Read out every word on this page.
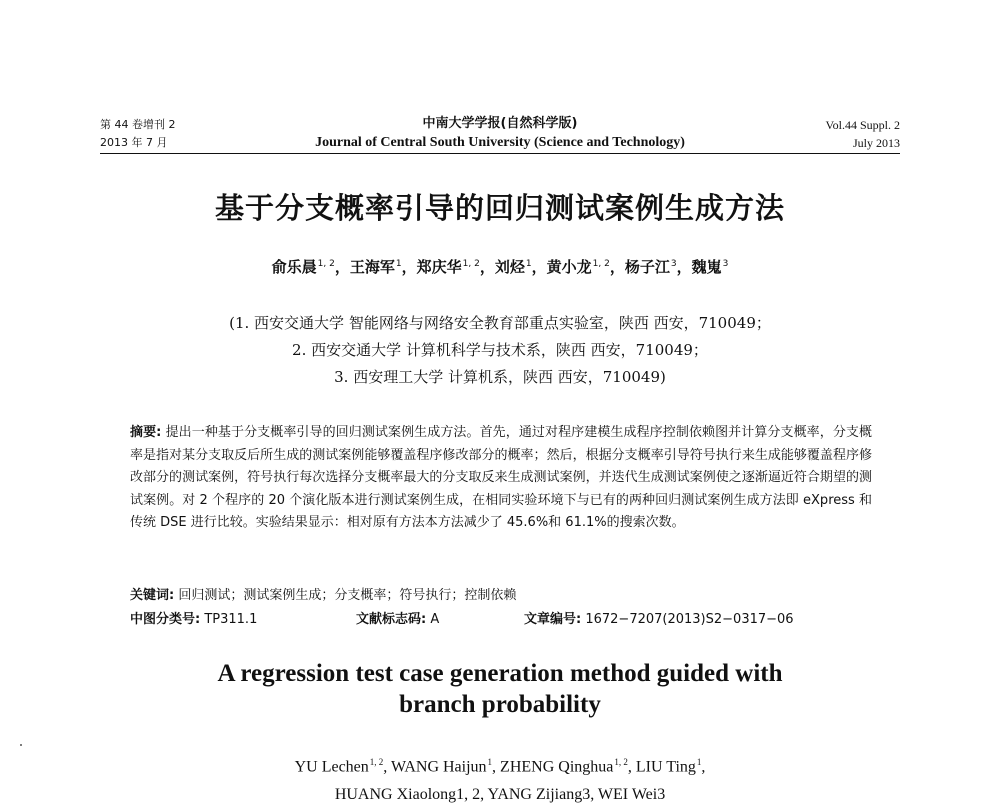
第 44 卷增刊 2
2013 年 7 月
中南大学学报(自然科学版)
Journal of Central South University (Science and Technology)
Vol.44 Suppl. 2
July 2013
基于分支概率引导的回归测试案例生成方法
俞乐晨$^{1, 2}$，王海军$^1$，郑庆华$^{1, 2}$，刘烃$^1$，黄小龙$^{1, 2}$，杨子江$^3$，魏嵬$^3$
(1. 西安交通大学 智能网络与网络安全教育部重点实验室，陕西 西安，710049；
2. 西安交通大学 计算机科学与技术系，陕西 西安，710049；
3. 西安理工大学 计算机系，陕西 西安，710049)
摘要: 提出一种基于分支概率引导的回归测试案例生成方法。首先，通过对程序建模生成程序控制依赖图并计算分支概率，分支概率是指对某分支取反后所生成的测试案例能够覆盖程序修改部分的概率；然后，根据分支概率引导符号执行来生成能够覆盖程序修改部分的测试案例，符号执行每次选择分支概率最大的分支取反来生成测试案例，并迭代生成测试案例使之逐渐逼近符合期望的测试案例。对 2 个程序的 20 个演化版本进行测试案例生成，在相同实验环境下与已有的两种回归测试案例生成方法即 eXpress 和传统 DSE 进行比较。实验结果显示：相对原有方法本方法减少了 45.6%和 61.1%的搜索次数。
关键词: 回归测试；测试案例生成；分支概率；符号执行；控制依赖
中图分类号: TP311.1	文献标志码: A	文章编号: 1672−7207(2013)S2−0317−06
A regression test case generation method guided with
branch probability
YU Lechen$^{1, 2}$, WANG Haijun$^1$, ZHENG Qinghua$^{1, 2}$, LIU Ting$^1$,
HUANG Xiaolong1, 2, YANG Zijiang3, WEI Wei3
